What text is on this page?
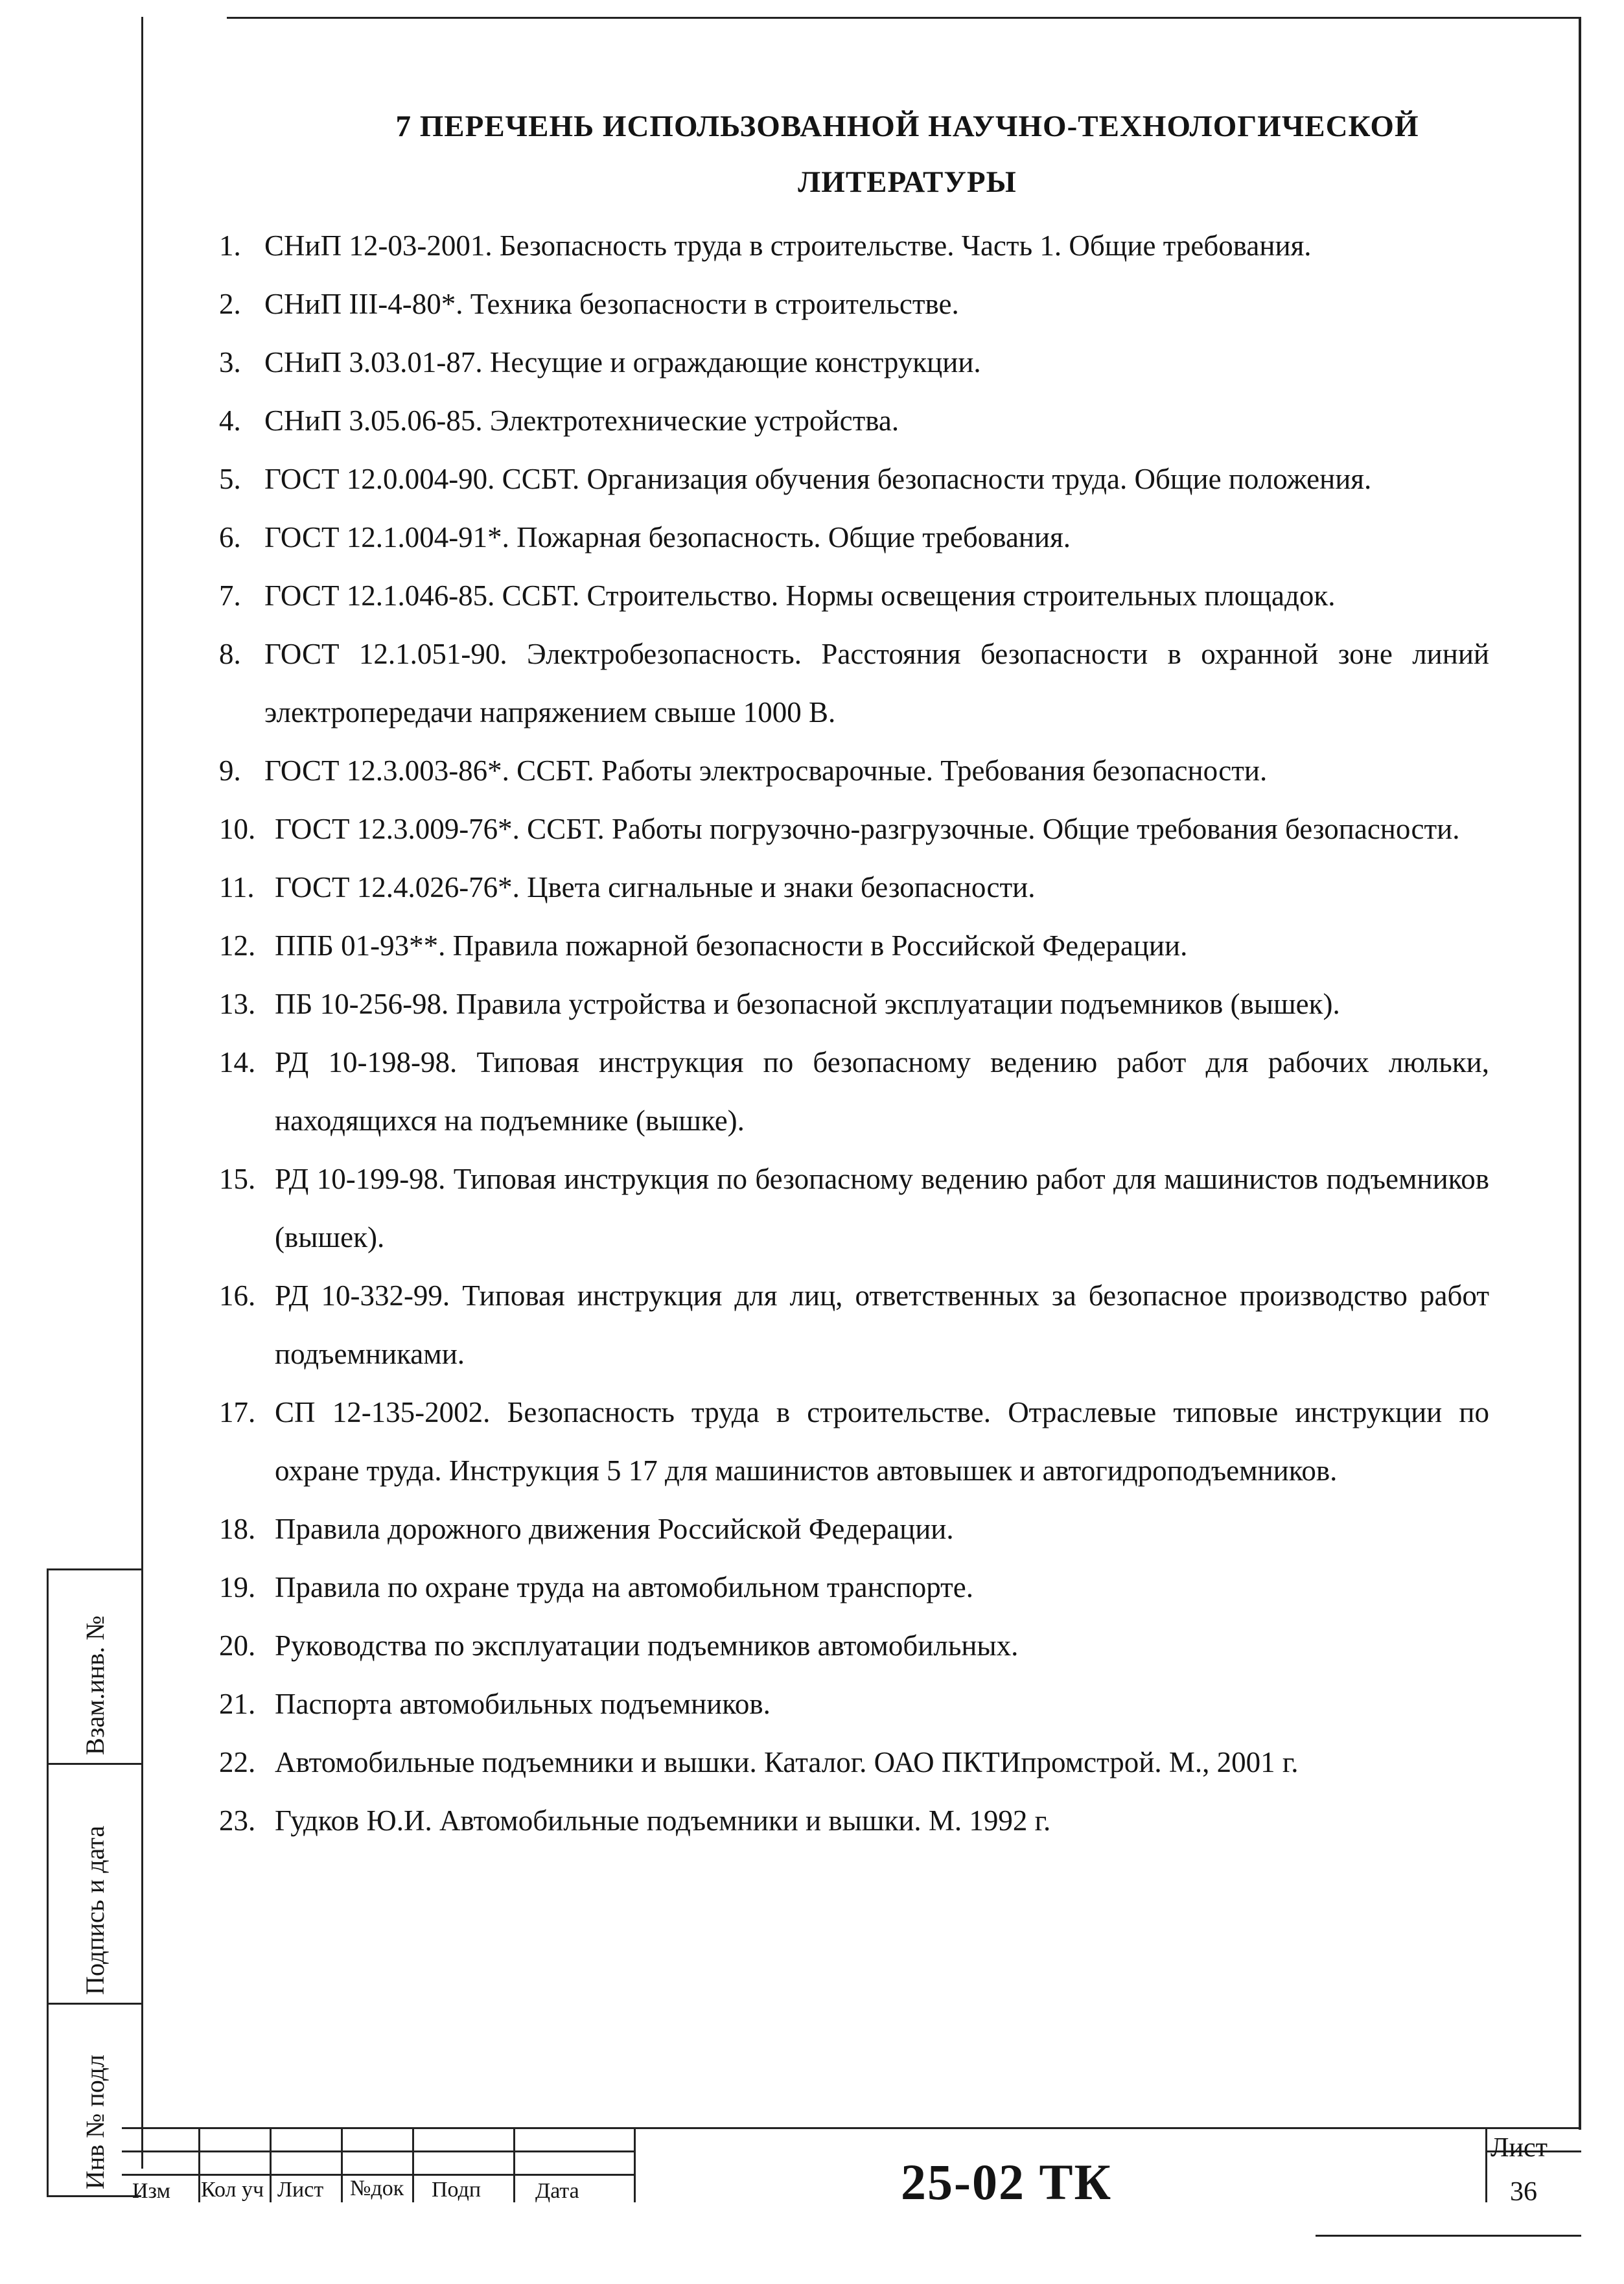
7 ПЕРЕЧЕНЬ ИСПОЛЬЗОВАННОЙ НАУЧНО-ТЕХНОЛОГИЧЕСКОЙ
ЛИТЕРАТУРЫ
1. СНиП 12-03-2001. Безопасность труда в строительстве. Часть 1. Общие требования.
2. СНиП III-4-80*. Техника безопасности в строительстве.
3. СНиП 3.03.01-87. Несущие и ограждающие конструкции.
4. СНиП 3.05.06-85. Электротехнические устройства.
5. ГОСТ 12.0.004-90. ССБТ. Организация обучения безопасности труда. Общие положения.
6. ГОСТ 12.1.004-91*. Пожарная безопасность. Общие требования.
7. ГОСТ 12.1.046-85. ССБТ. Строительство. Нормы освещения строительных площадок.
8. ГОСТ 12.1.051-90. Электробезопасность. Расстояния безопасности в охранной зоне линий электропередачи напряжением свыше 1000 В.
9. ГОСТ 12.3.003-86*. ССБТ. Работы электросварочные. Требования безопасности.
10. ГОСТ 12.3.009-76*. ССБТ. Работы погрузочно-разгрузочные. Общие требования безопасности.
11. ГОСТ 12.4.026-76*. Цвета сигнальные и знаки безопасности.
12. ППБ 01-93**. Правила пожарной безопасности в Российской Федерации.
13. ПБ 10-256-98. Правила устройства и безопасной эксплуатации подъемников (вышек).
14. РД 10-198-98. Типовая инструкция по безопасному ведению работ для рабочих люльки, находящихся на подъемнике (вышке).
15. РД 10-199-98. Типовая инструкция по безопасному ведению работ для машинистов подъемников (вышек).
16. РД 10-332-99. Типовая инструкция для лиц, ответственных за безопасное производство работ подъемниками.
17. СП 12-135-2002. Безопасность труда в строительстве. Отраслевые типовые инструкции по охране труда. Инструкция 5 17 для машинистов автовышек и автогидроподъемников.
18. Правила дорожного движения Российской Федерации.
19. Правила по охране труда на автомобильном транспорте.
20. Руководства по эксплуатации подъемников автомобильных.
21. Паспорта автомобильных подъемников.
22. Автомобильные подъемники и вышки. Каталог. ОАО ПКТИпромстрой. М., 2001 г.
23. Гудков Ю.И. Автомобильные подъемники и вышки. М. 1992 г.
Взам.инв. №
Подпись и дата
Инв № подл
Изм Кол уч Лист №док Подп Дата	25-02 ТК
Лист
36
